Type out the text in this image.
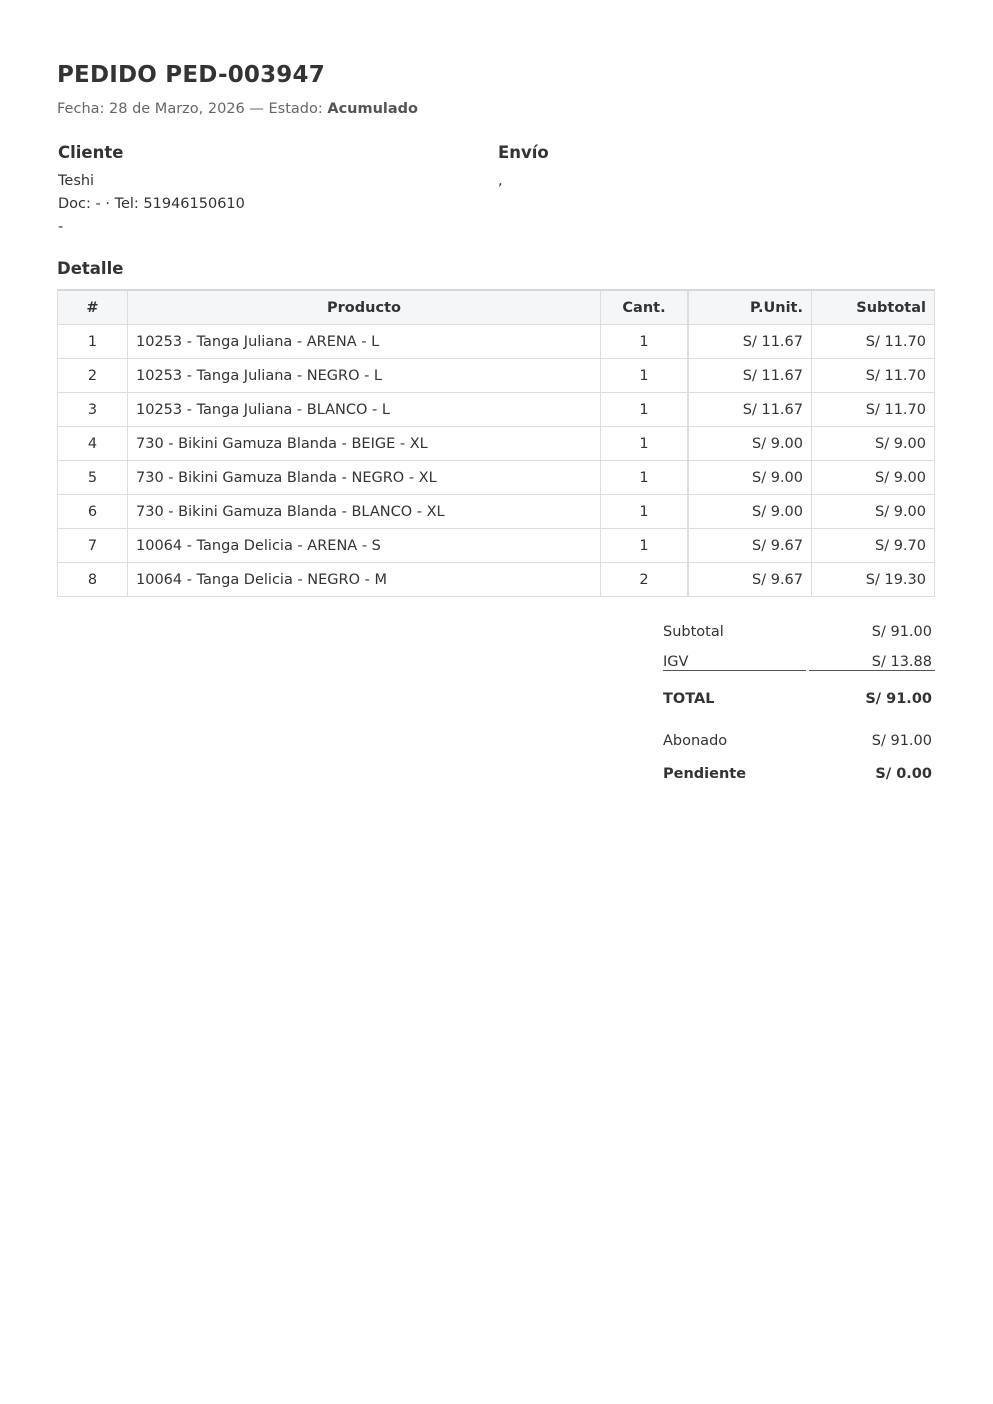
PEDIDO PED-003947
Fecha: 28 de Marzo, 2026 — Estado: Acumulado
Cliente
Teshi
Doc: - · Tel: 51946150610
-
Envío
,
Detalle
#	Producto	Cant.	P.Unit.	Subtotal
1	10253 - Tanga Juliana - ARENA - L	1	S/ 11.67	S/ 11.70
2	10253 - Tanga Juliana - NEGRO - L	1	S/ 11.67	S/ 11.70
3	10253 - Tanga Juliana - BLANCO - L	1	S/ 11.67	S/ 11.70
4	730 - Bikini Gamuza Blanda - BEIGE - XL	1	S/ 9.00	S/ 9.00
5	730 - Bikini Gamuza Blanda - NEGRO - XL	1	S/ 9.00	S/ 9.00
6	730 - Bikini Gamuza Blanda - BLANCO - XL	1	S/ 9.00	S/ 9.00
7	10064 - Tanga Delicia - ARENA - S	1	S/ 9.67	S/ 9.70
8	10064 - Tanga Delicia - NEGRO - M	2	S/ 9.67	S/ 19.30
Subtotal	S/ 91.00
IGV	S/ 13.88
TOTAL	S/ 91.00
Abonado	S/ 91.00
Pendiente	S/ 0.00
